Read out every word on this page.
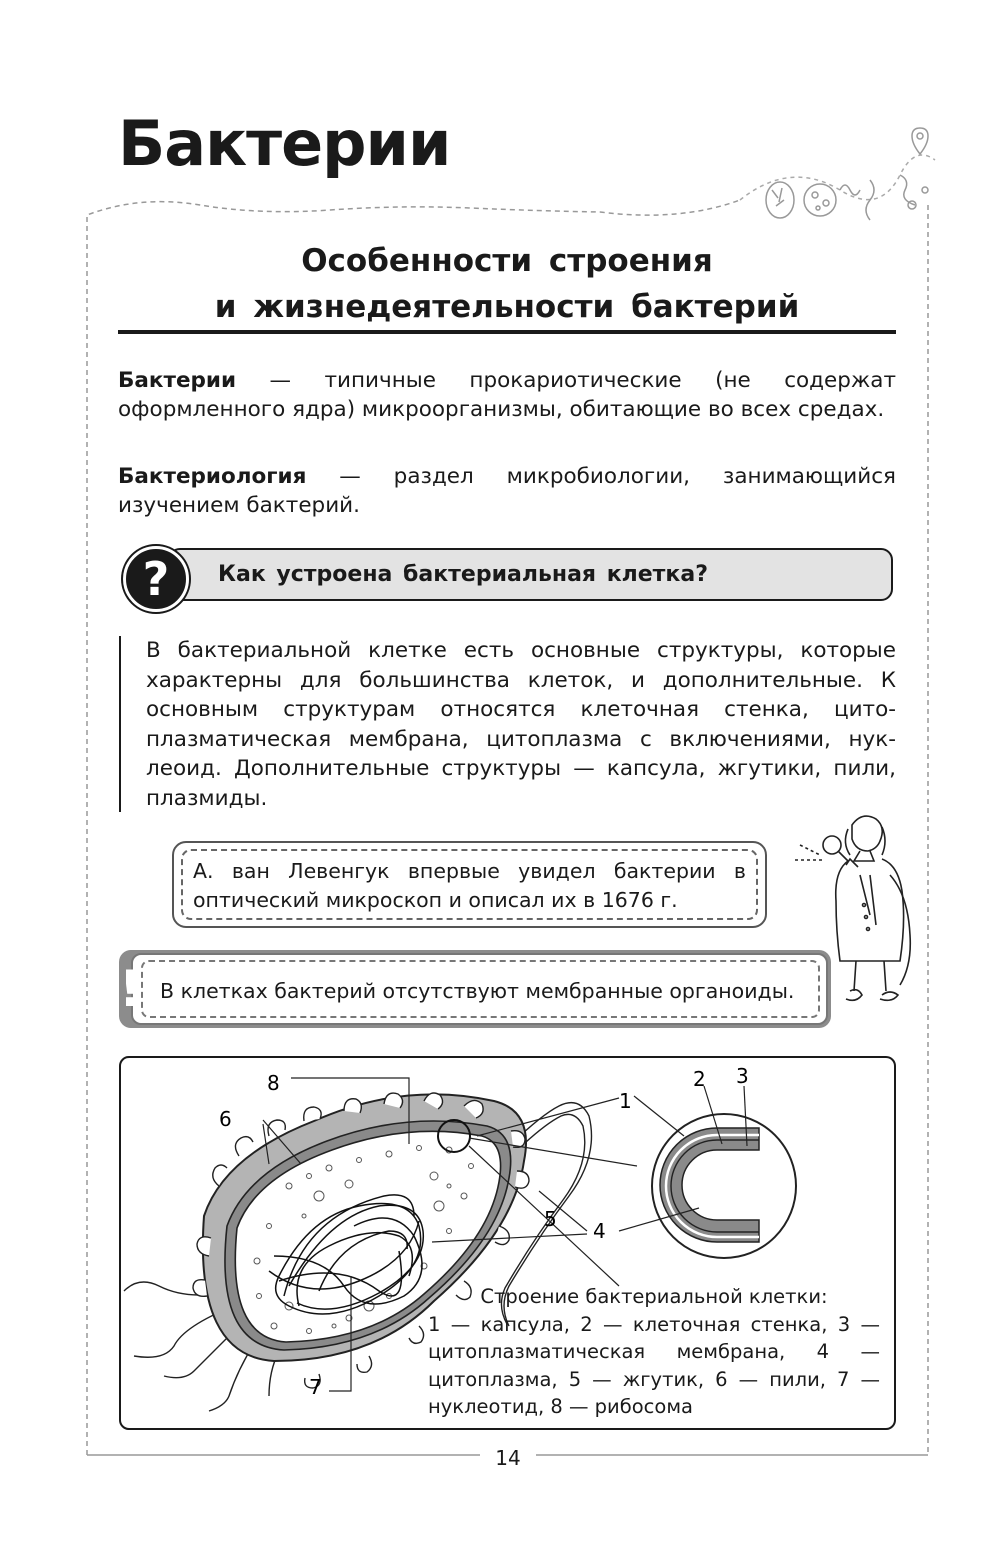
Бактерии
Особенности строения
и жизнедеятельности бактерий

Бактерии — типичные прокариотические (не содержат оформленного ядра) микроорганизмы, обитающие во всех средах.

Бактериология — раздел микробиологии, занимающийся изучением бактерий.

?	Как устроена бактериальная клетка?

В бактериальной клетке есть основные структуры, которые характерны для большинства клеток, и дополнительные. К основным структурам относятся клеточная стенка, цитоплазматическая мембрана, цитоплазма с включениями, нуклеоид. Дополнительные структуры — капсула, жгутики, пили, плазмиды.

А. ван Левенгук впервые увидел бактерии в оптический микроскоп и описал их в 1676 г.

! В клетках бактерий отсутствуют мембранные органоиды.
8
6
1
2 3
5 4
7

Строение бактериальной клетки:
1 — капсула, 2 — клеточная стенка, 3 — цитоплазматическая мембрана, 4 — цитоплазма, 5 — жгутик, 6 — пили, 7 — нуклеотид, 8 — рибосома

14
